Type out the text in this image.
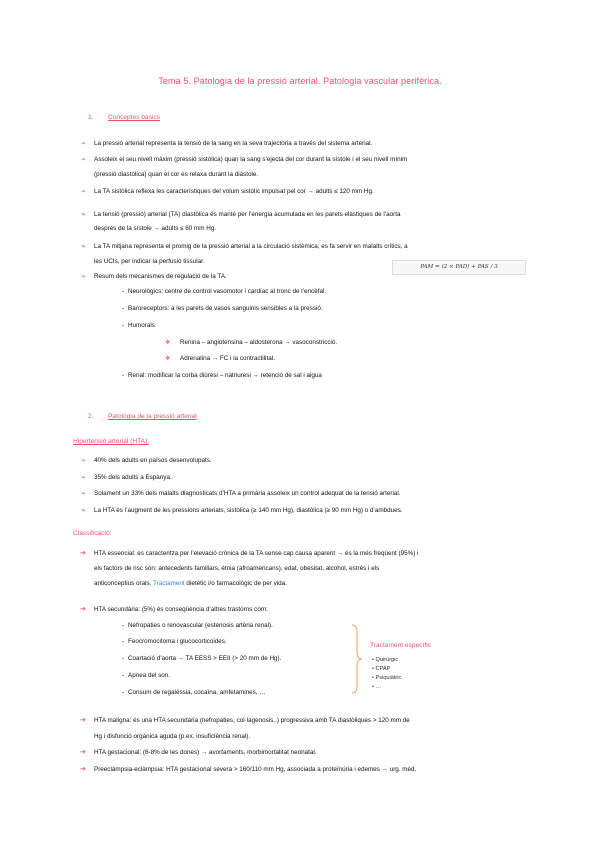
Tema 5. Patologia de la pressió arterial. Patologia vascular perifèrica.
1. Conceptes bàsics
➢ La pressió arterial representa la tensió de la sang en la seva trajectòria a través del sistema arterial.
➢ Assoleix el seu nivell màxim (pressió sistòlica) quan la sang s’ejecta del cor durant la sístole i el seu nivell mínim
(pressió diastòlica) quan el cor es relaxa durant la diàstole.
➢ La TA sistòlica reflexa les característiques del volum sistòlic impulsat pel cor → adults ≤ 120 mm Hg.
➢ La tensió (pressió) arterial (TA) diastòlica és manté per l’energia acumulada en les parets elàstiques de l’aorta
després de la sístole → adults ≤ 80 mm Hg.
➢ La TA mitjana representa el promig de la pressió arterial a la circulació sistèmica; es fa servir en malalts crítics, a
les UCIs, per indicar la perfusió tissular.
PAM = (2 × PAD) + PAS / 3
➢ Resum dels mecanismes de regulació de la TA.
- Neurològics: centre de control vasomotor i cardíac al tronc de l’encèfal.
- Baroreceptors: a les parets de vasos sanguinis sensibles a la pressió.
- Humorals
❖ Renina – angiotensina – aldosterona → vasoconstricció.
❖ Adrenalina → FC i la contractilitat.
- Renal: modificar la corba diüresi – natriuresi → retenció de sal i aigua
2. Patologia de la pressió arterial
Hipertensió arterial (HTA):
➢ 40% dels adults en països desenvolupats.
➢ 35% dels adults a Espanya.
➢ Solament un 33% dels malalts diagnosticats d’HTA a primària assoleix un control adequat de la tensió arterial.
➢ La HTA és l’augment de les pressions arterials, sistòlica (≥ 140 mm Hg), diastòlica (≥ 90 mm Hg) o d’ambdues.
Classificació:
➔ HTA essencial: es caracteritza per l’elevació crònica de la TA sense cap causa aparent → és la més freqüent (95%) i
els factors de risc són: antecedents familiars, ètnia (afroamericans), edat, obesitat, alcohol, estrès i els
anticonceptius orals. Tractament dietètic i/o farmacològic de per vida.
➔ HTA secundària: (5%) és conseqüència d’altres trastorns com:
- Nefropaties o renovascular (estenosis artèria renal).
- Feocromocitoma i glucocorticoides.
- Coartació d’aorta → TA EESS > EEII (> 20 mm de Hg).
- Apnea del son.
- Consum de regalèssia, cocaïna, amfetamines, …
Tractament específic
• Quirúrgic
• CPAP
• Psiquiàtric
• …
➔ HTA maligna: és una HTA secundària (nefropaties, col·lagenosis..) progressiva amb TA diastòliques > 120 mm de
Hg i disfunció orgànica aguda (p.ex. insuficiència renal).
➔ HTA gestacional: (6-8% de les dones) → avortaments, morbimortalitat neonatal.
➔ Preeclàmpsia-eclàmpsia: HTA gestacional severa > 160/110 mm Hg, associada a proteïnúria i edemes → urg. méd.
